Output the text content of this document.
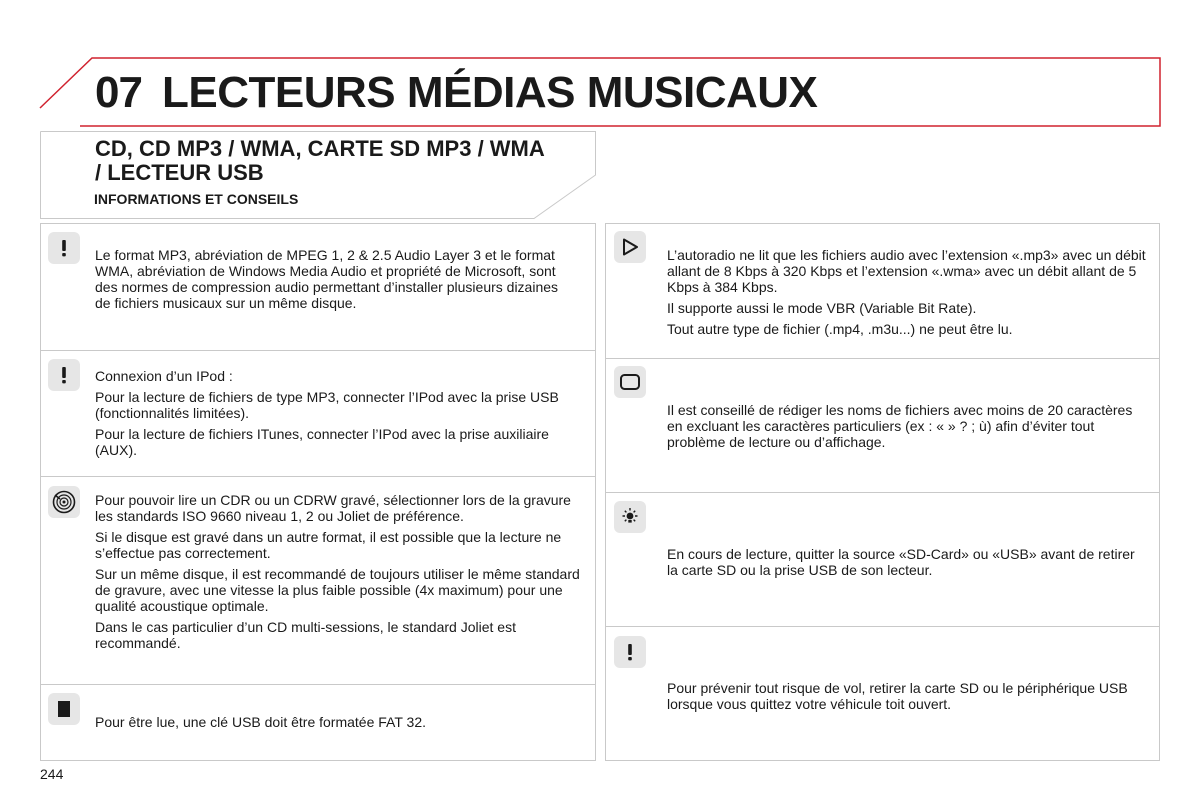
07 LECTEURS MÉDIAS MUSICAUX
CD, CD MP3 / WMA, CARTE SD MP3 / WMA / LECTEUR USB
INFORMATIONS ET CONSEILS

Le format MP3, abréviation de MPEG 1, 2 & 2.5 Audio Layer 3 et le format WMA, abréviation de Windows Media Audio et propriété de Microsoft, sont des normes de compression audio permettant d’installer plusieurs dizaines de fichiers musicaux sur un même disque.

Connexion d’un IPod :

Pour la lecture de fichiers de type MP3, connecter l’IPod avec la prise USB (fonctionnalités limitées).

Pour la lecture de fichiers ITunes, connecter l’IPod avec la prise auxiliaire (AUX).

Pour pouvoir lire un CDR ou un CDRW gravé, sélectionner lors de la gravure les standards ISO 9660 niveau 1, 2 ou Joliet de préférence.

Si le disque est gravé dans un autre format, il est possible que la lecture ne s’effectue pas correctement.

Sur un même disque, il est recommandé de toujours utiliser le même standard de gravure, avec une vitesse la plus faible possible (4x maximum) pour une qualité acoustique optimale.

Dans le cas particulier d’un CD multi-sessions, le standard Joliet est recommandé.

Pour être lue, une clé USB doit être formatée FAT 32.

L’autoradio ne lit que les fichiers audio avec l’extension «.mp3» avec un débit allant de 8 Kbps à 320 Kbps et l’extension «.wma» avec un débit allant de 5 Kbps à 384 Kbps.

Il supporte aussi le mode VBR (Variable Bit Rate).

Tout autre type de fichier (.mp4, .m3u...) ne peut être lu.

Il est conseillé de rédiger les noms de fichiers avec moins de 20 caractères en excluant les caractères particuliers (ex : « » ? ; ù) afin d’éviter tout problème de lecture ou d’affichage.

En cours de lecture, quitter la source «SD-Card» ou «USB» avant de retirer la carte SD ou la prise USB de son lecteur.

Pour prévenir tout risque de vol, retirer la carte SD ou le périphérique USB lorsque vous quittez votre véhicule toit ouvert.

244
